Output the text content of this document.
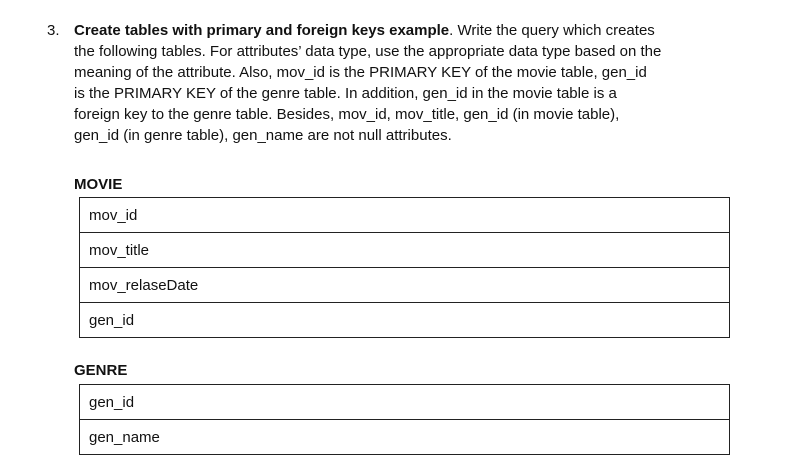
3. Create tables with primary and foreign keys example. Write the query which creates
the following tables. For attributes’ data type, use the appropriate data type based on the
meaning of the attribute. Also, mov_id is the PRIMARY KEY of the movie table, gen_id
is the PRIMARY KEY of the genre table. In addition, gen_id in the movie table is a
foreign key to the genre table. Besides, mov_id, mov_title, gen_id (in movie table),
gen_id (in genre table), gen_name are not null attributes.
MOVIE
mov_id
mov_title
mov_relaseDate
gen_id
GENRE
gen_id
gen_name
